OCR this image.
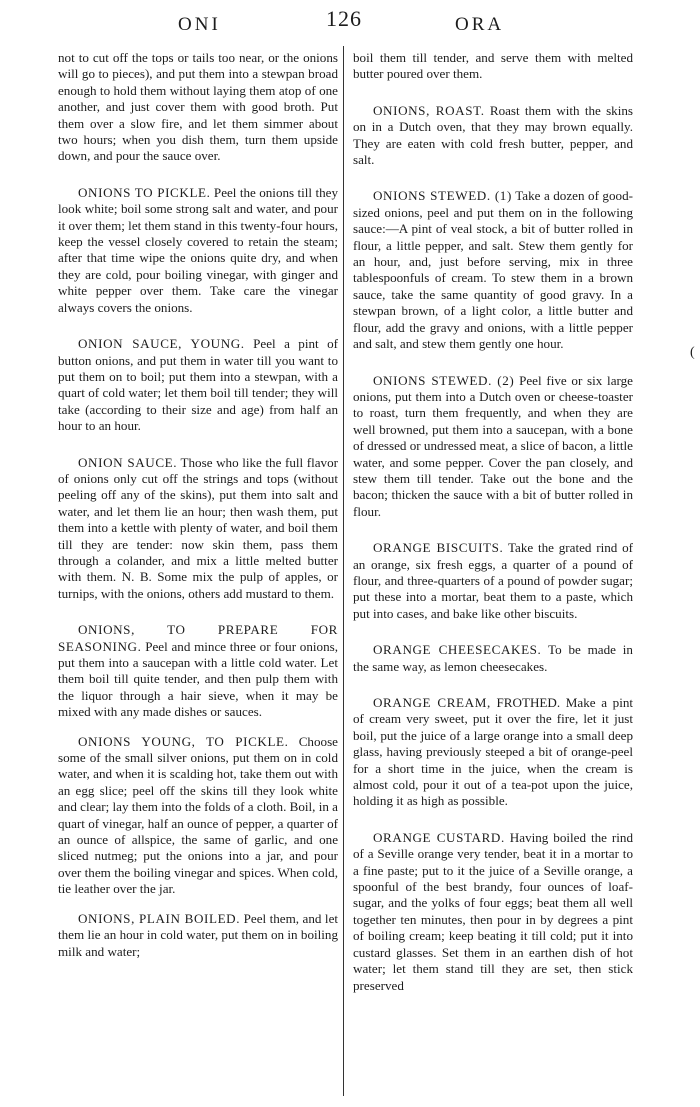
ONI	126	ORA

not to cut off the tops or tails too near, or the onions will go to pieces), and put them into a stewpan broad enough to hold them without laying them atop of one another, and just cover them with good broth. Put them over a slow fire, and let them simmer about two hours; when you dish them, turn them upside down, and pour the sauce over.

ONIONS TO PICKLE. Peel the onions till they look white; boil some strong salt and water, and pour it over them; let them stand in this twenty-four hours, keep the vessel closely covered to retain the steam; after that time wipe the onions quite dry, and when they are cold, pour boiling vinegar, with ginger and white pepper over them. Take care the vinegar always covers the onions.

ONION SAUCE, YOUNG. Peel a pint of button onions, and put them in water till you want to put them on to boil; put them into a stewpan, with a quart of cold water; let them boil till tender; they will take (according to their size and age) from half an hour to an hour.

ONION SAUCE. Those who like the full flavor of onions only cut off the strings and tops (without peeling off any of the skins), put them into salt and water, and let them lie an hour; then wash them, put them into a kettle with plenty of water, and boil them till they are tender: now skin them, pass them through a colander, and mix a little melted butter with them. N. B. Some mix the pulp of apples, or turnips, with the onions, others add mustard to them.

ONIONS, TO PREPARE FOR SEASONING. Peel and mince three or four onions, put them into a saucepan with a little cold water. Let them boil till quite tender, and then pulp them with the liquor through a hair sieve, when it may be mixed with any made dishes or sauces.

ONIONS YOUNG, TO PICKLE. Choose some of the small silver onions, put them on in cold water, and when it is scalding hot, take them out with an egg slice; peel off the skins till they look white and clear; lay them into the folds of a cloth. Boil, in a quart of vinegar, half an ounce of pepper, a quarter of an ounce of allspice, the same of garlic, and one sliced nutmeg; put the onions into a jar, and pour over them the boiling vinegar and spices. When cold, tie leather over the jar.

ONIONS, PLAIN BOILED. Peel them, and let them lie an hour in cold water, put them on in boiling milk and water;

boil them till tender, and serve them with melted butter poured over them.

ONIONS, ROAST. Roast them with the skins on in a Dutch oven, that they may brown equally. They are eaten with cold fresh butter, pepper, and salt.

ONIONS STEWED. (1) Take a dozen of good-sized onions, peel and put them on in the following sauce:—A pint of veal stock, a bit of butter rolled in flour, a little pepper, and salt. Stew them gently for an hour, and, just before serving, mix in three tablespoonfuls of cream. To stew them in a brown sauce, take the same quantity of good gravy. In a stewpan brown, of a light color, a little butter and flour, add the gravy and onions, with a little pepper and salt, and stew them gently one hour.

ONIONS STEWED. (2) Peel five or six large onions, put them into a Dutch oven or cheese-toaster to roast, turn them frequently, and when they are well browned, put them into a saucepan, with a bone of dressed or undressed meat, a slice of bacon, a little water, and some pepper. Cover the pan closely, and stew them till tender. Take out the bone and the bacon; thicken the sauce with a bit of butter rolled in flour.

ORANGE BISCUITS. Take the grated rind of an orange, six fresh eggs, a quarter of a pound of flour, and three-quarters of a pound of powder sugar; put these into a mortar, beat them to a paste, which put into cases, and bake like other biscuits.

ORANGE CHEESECAKES. To be made in the same way, as lemon cheesecakes.

ORANGE CREAM, FROTHED. Make a pint of cream very sweet, put it over the fire, let it just boil, put the juice of a large orange into a small deep glass, having previously steeped a bit of orange-peel for a short time in the juice, when the cream is almost cold, pour it out of a tea-pot upon the juice, holding it as high as possible.

ORANGE CUSTARD. Having boiled the rind of a Seville orange very tender, beat it in a mortar to a fine paste; put to it the juice of a Seville orange, a spoonful of the best brandy, four ounces of loaf-sugar, and the yolks of four eggs; beat them all well together ten minutes, then pour in by degrees a pint of boiling cream; keep beating it till cold; put it into custard glasses. Set them in an earthen dish of hot water; let them stand till they are set, then stick preserved

(
